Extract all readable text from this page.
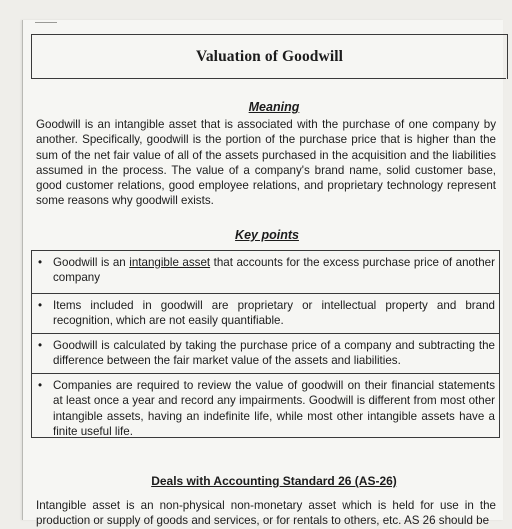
Valuation of Goodwill
Meaning
Goodwill is an intangible asset that is associated with the purchase of one company by another. Specifically, goodwill is the portion of the purchase price that is higher than the sum of the net fair value of all of the assets purchased in the acquisition and the liabilities assumed in the process. The value of a company's brand name, solid customer base, good customer relations, good employee relations, and proprietary technology represent some reasons why goodwill exists.
Key points
• Goodwill is an intangible asset that accounts for the excess purchase price of another company
• Items included in goodwill are proprietary or intellectual property and brand recognition, which are not easily quantifiable.
• Goodwill is calculated by taking the purchase price of a company and subtracting the difference between the fair market value of the assets and liabilities.
• Companies are required to review the value of goodwill on their financial statements at least once a year and record any impairments. Goodwill is different from most other intangible assets, having an indefinite life, while most other intangible assets have a finite useful life.
Deals with Accounting Standard 26 (AS-26)
Intangible asset is an non-physical non-monetary asset which is held for use in the production or supply of goods and services, or for rentals to others, etc. AS 26 should be
